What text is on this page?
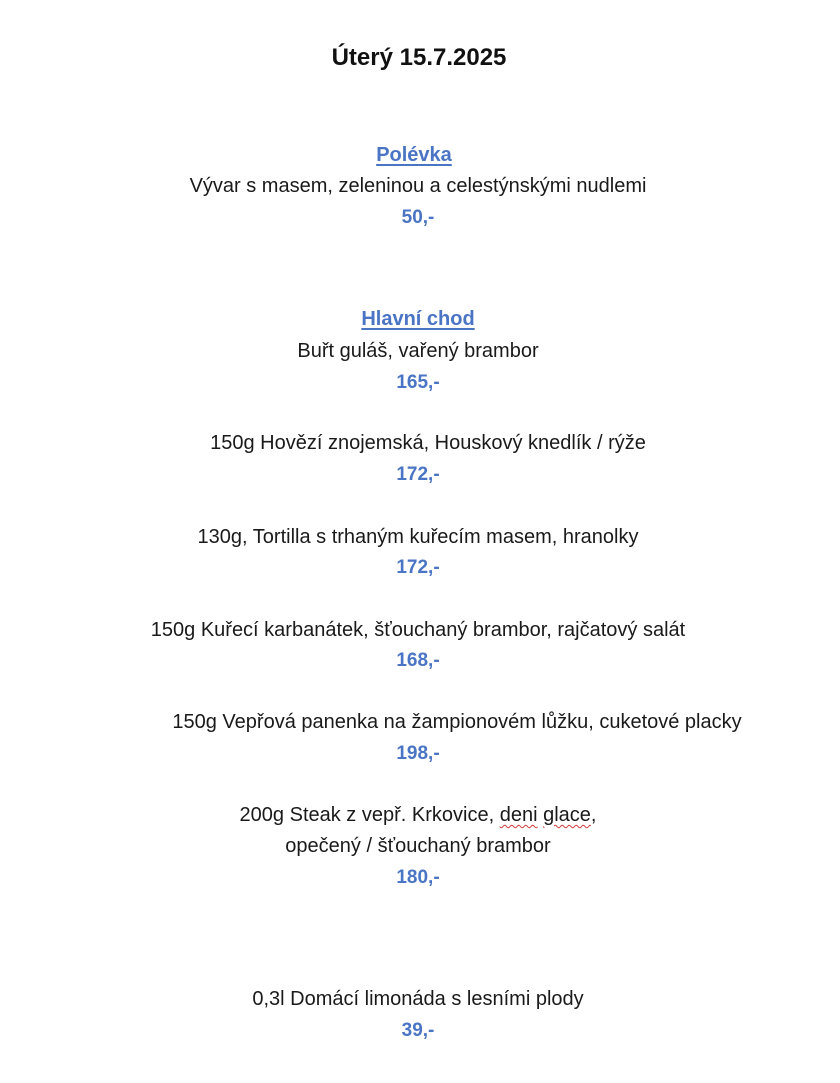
Úterý 15.7.2025
Polévka
Vývar s masem, zeleninou a celestýnskými nudlemi
50,-
Hlavní chod
Buřt guláš, vařený brambor
165,-
150g Hovězí znojemská, Houskový knedlík / rýže
172,-
130g, Tortilla s trhaným kuřecím masem, hranolky
172,-
150g Kuřecí karbanátek, šťouchaný brambor, rajčatový salát
168,-
150g Vepřová panenka na žampionovém lůžku, cuketové placky
198,-
200g Steak z vepř. Krkovice, deni glace,
opečený / šťouchaný brambor
180,-
0,3l Domácí limonáda s lesními plody
39,-
